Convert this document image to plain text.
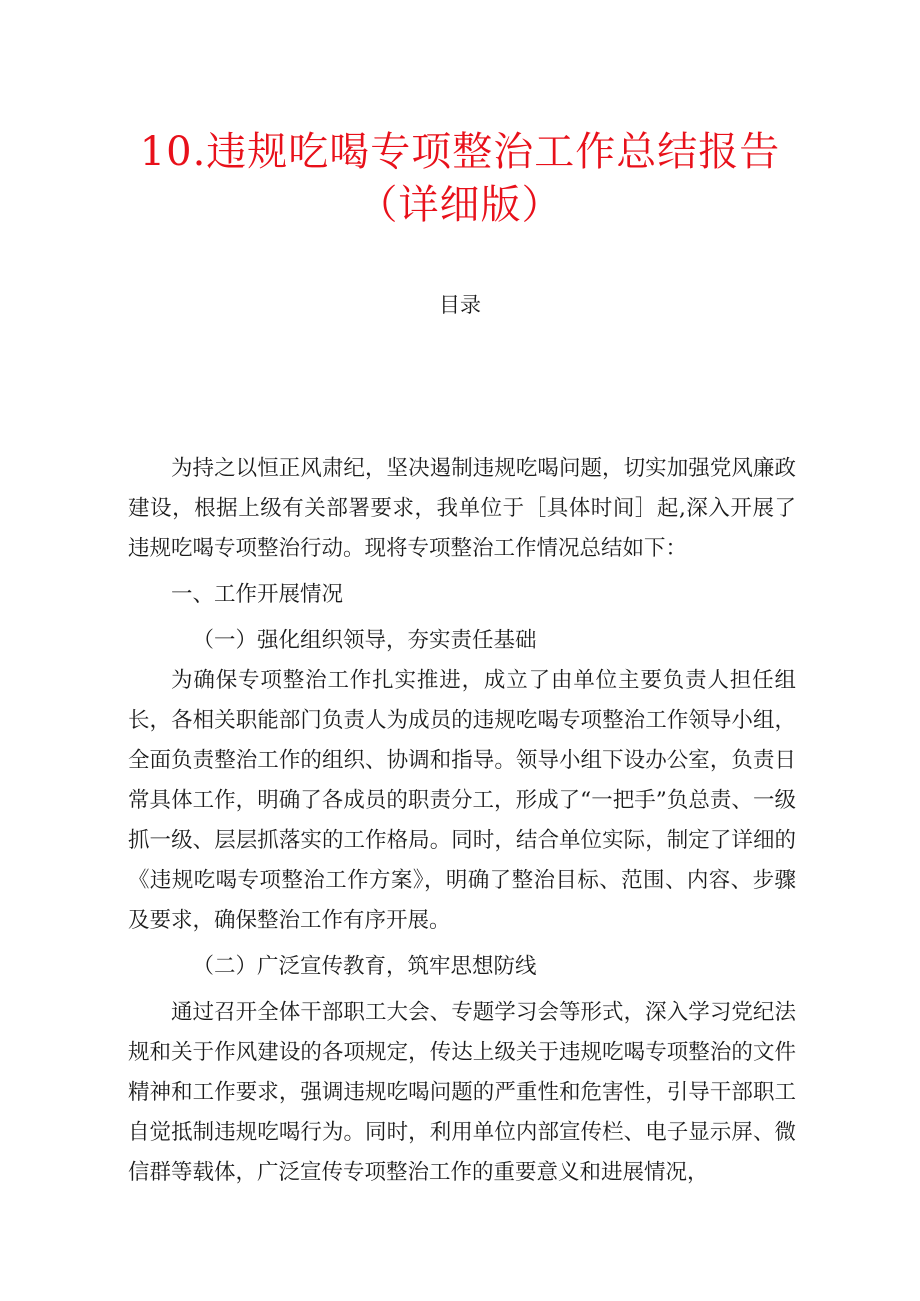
10.违规吃喝专项整治工作总结报告
（详细版）
目录

为持之以恒正风肃纪，坚决遏制违规吃喝问题，切实加强党风廉政建设，根据上级有关部署要求，我单位于［具体时间］起,深入开展了违规吃喝专项整治行动。现将专项整治工作情况总结如下：

一、工作开展情况

（一）强化组织领导，夯实责任基础

为确保专项整治工作扎实推进，成立了由单位主要负责人担任组长，各相关职能部门负责人为成员的违规吃喝专项整治工作领导小组，全面负责整治工作的组织、协调和指导。领导小组下设办公室，负责日常具体工作，明确了各成员的职责分工，形成了“一把手”负总责、一级抓一级、层层抓落实的工作格局。同时，结合单位实际，制定了详细的《违规吃喝专项整治工作方案》，明确了整治目标、范围、内容、步骤及要求，确保整治工作有序开展。

（二）广泛宣传教育，筑牢思想防线

通过召开全体干部职工大会、专题学习会等形式，深入学习党纪法规和关于作风建设的各项规定，传达上级关于违规吃喝专项整治的文件精神和工作要求，强调违规吃喝问题的严重性和危害性，引导干部职工自觉抵制违规吃喝行为。同时，利用单位内部宣传栏、电子显示屏、微信群等载体，广泛宣传专项整治工作的重要意义和进展情况，
